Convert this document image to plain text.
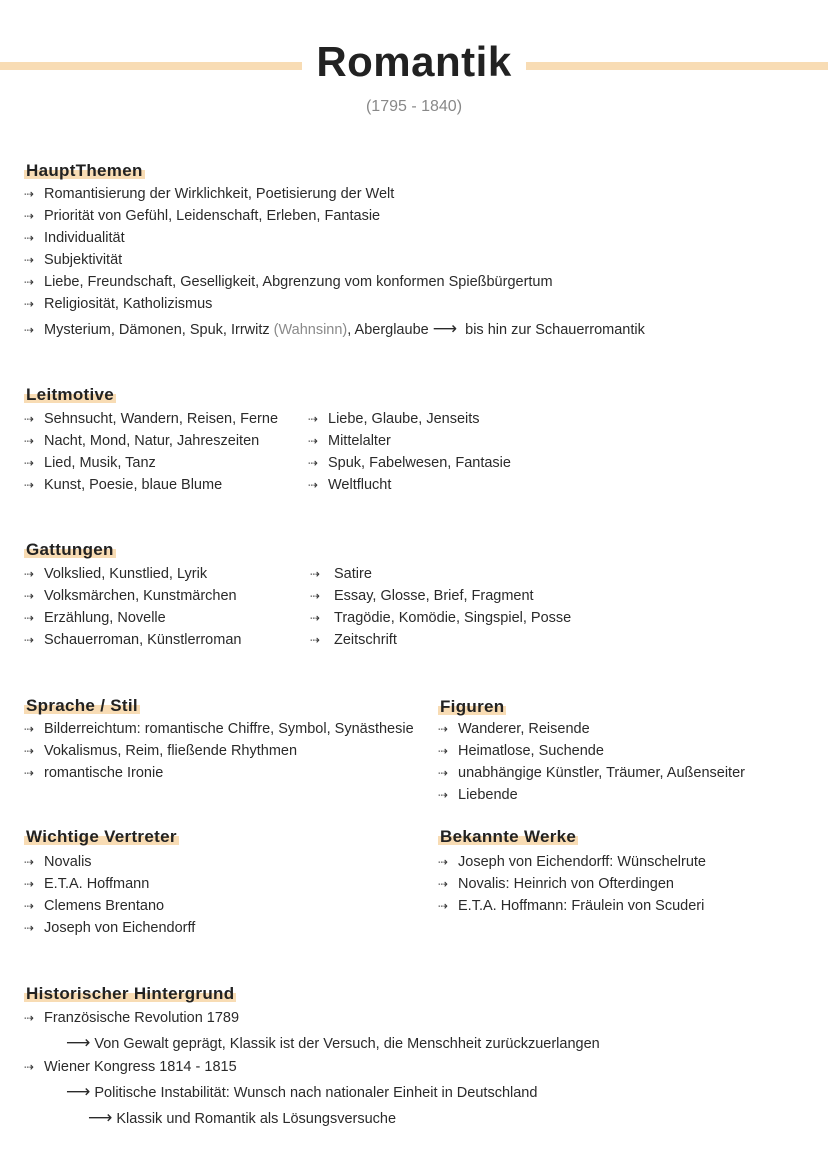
Romantik
(1795 - 1840)
HauptThemen
⇢ Romantisierung der Wirklichkeit, Poetisierung der Welt
⇢ Priorität von Gefühl, Leidenschaft, Erleben, Fantasie
⇢ Individualität
⇢ Subjektivität
⇢ Liebe, Freundschaft, Geselligkeit, Abgrenzung vom konformen Spießbürgertum
⇢ Religiosität, Katholizismus
⇢ Mysterium, Dämonen, Spuk, Irrwitz (Wahnsinn), Aberglaube ⟶ bis hin zur Schauerromantik
Leitmotive
⇢ Sehnsucht, Wandern, Reisen, Ferne
⇢ Nacht, Mond, Natur, Jahreszeiten
⇢ Lied, Musik, Tanz
⇢ Kunst, Poesie, blaue Blume
⇢ Liebe, Glaube, Jenseits
⇢ Mittelalter
⇢ Spuk, Fabelwesen, Fantasie
⇢ Weltflucht
Gattungen
⇢ Volkslied, Kunstlied, Lyrik
⇢ Volksmärchen, Kunstmärchen
⇢ Erzählung, Novelle
⇢ Schauerroman, Künstlerroman
⇢ Satire
⇢ Essay, Glosse, Brief, Fragment
⇢ Tragödie, Komödie, Singspiel, Posse
⇢ Zeitschrift
Sprache / Stil
⇢ Bilderreichtum: romantische Chiffre, Symbol, Synästhesie
⇢ Vokalismus, Reim, fließende Rhythmen
⇢ romantische Ironie
Figuren
⇢ Wanderer, Reisende
⇢ Heimatlose, Suchende
⇢ unabhängige Künstler, Träumer, Außenseiter
⇢ Liebende
Wichtige Vertreter
⇢ Novalis
⇢ E.T.A. Hoffmann
⇢ Clemens Brentano
⇢ Joseph von Eichendorff
Bekannte Werke
⇢ Joseph von Eichendorff: Wünschelrute
⇢ Novalis: Heinrich von Ofterdingen
⇢ E.T.A. Hoffmann: Fräulein von Scuderi
Historischer Hintergrund
⇢ Französische Revolution 1789
⟶ Von Gewalt geprägt, Klassik ist der Versuch, die Menschheit zurückzuerlangen
⇢ Wiener Kongress 1814 - 1815
⟶ Politische Instabilität: Wunsch nach nationaler Einheit in Deutschland
⟶ Klassik und Romantik als Lösungsversuche
